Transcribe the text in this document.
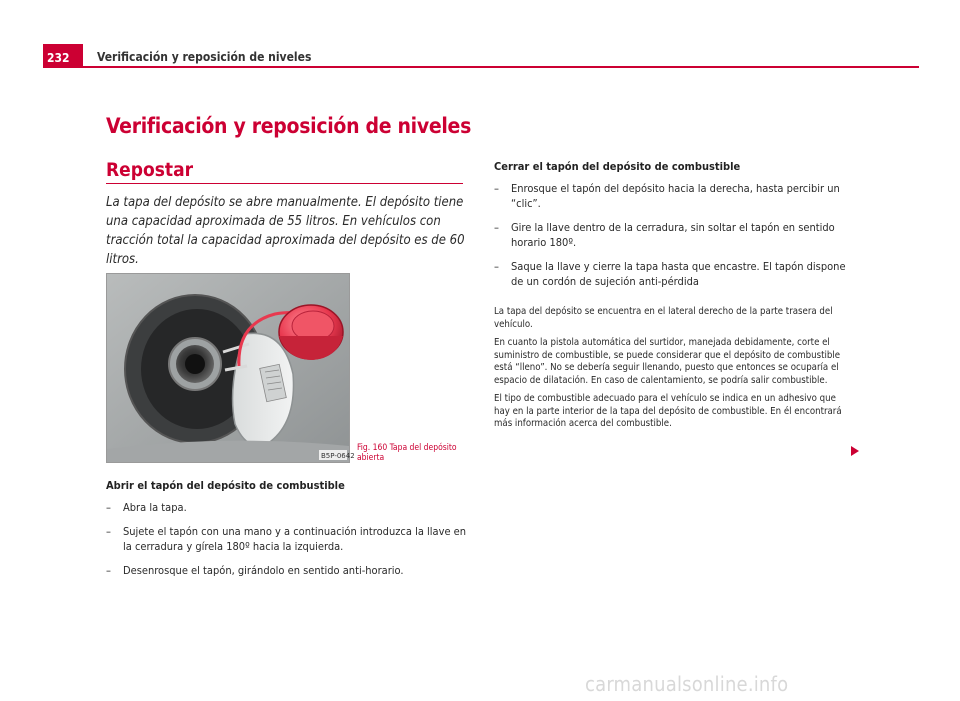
232	Verificación y reposición de niveles
Verificación y reposición de niveles
Repostar
La tapa del depósito se abre manualmente. El depósito tiene una capacidad aproximada de 55 litros. En vehículos con tracción total la capacidad aproximada del depósito es de 60 litros.
B5P-0642
Fig. 160 Tapa del depósito abierta
Abrir el tapón del depósito de combustible
– Abra la tapa.
– Sujete el tapón con una mano y a continuación introduzca la llave en la cerradura y gírela 180º hacia la izquierda.
– Desenrosque el tapón, girándolo en sentido anti-horario.
Cerrar el tapón del depósito de combustible
– Enrosque el tapón del depósito hacia la derecha, hasta percibir un “clic”.
– Gire la llave dentro de la cerradura, sin soltar el tapón en sentido horario 180º.
– Saque la llave y cierre la tapa hasta que encastre. El tapón dispone de un cordón de sujeción anti-pérdida

La tapa del depósito se encuentra en el lateral derecho de la parte trasera del vehículo.

En cuanto la pistola automática del surtidor, manejada debidamente, corte el suministro de combustible, se puede considerar que el depósito de combustible está “lleno”. No se debería seguir llenando, puesto que entonces se ocuparía el espacio de dilatación. En caso de calentamiento, se podría salir combustible.

El tipo de combustible adecuado para el vehículo se indica en un adhesivo que hay en la parte interior de la tapa del depósito de combustible. En él encontrará más información acerca del combustible.

carmanualsonline.info
